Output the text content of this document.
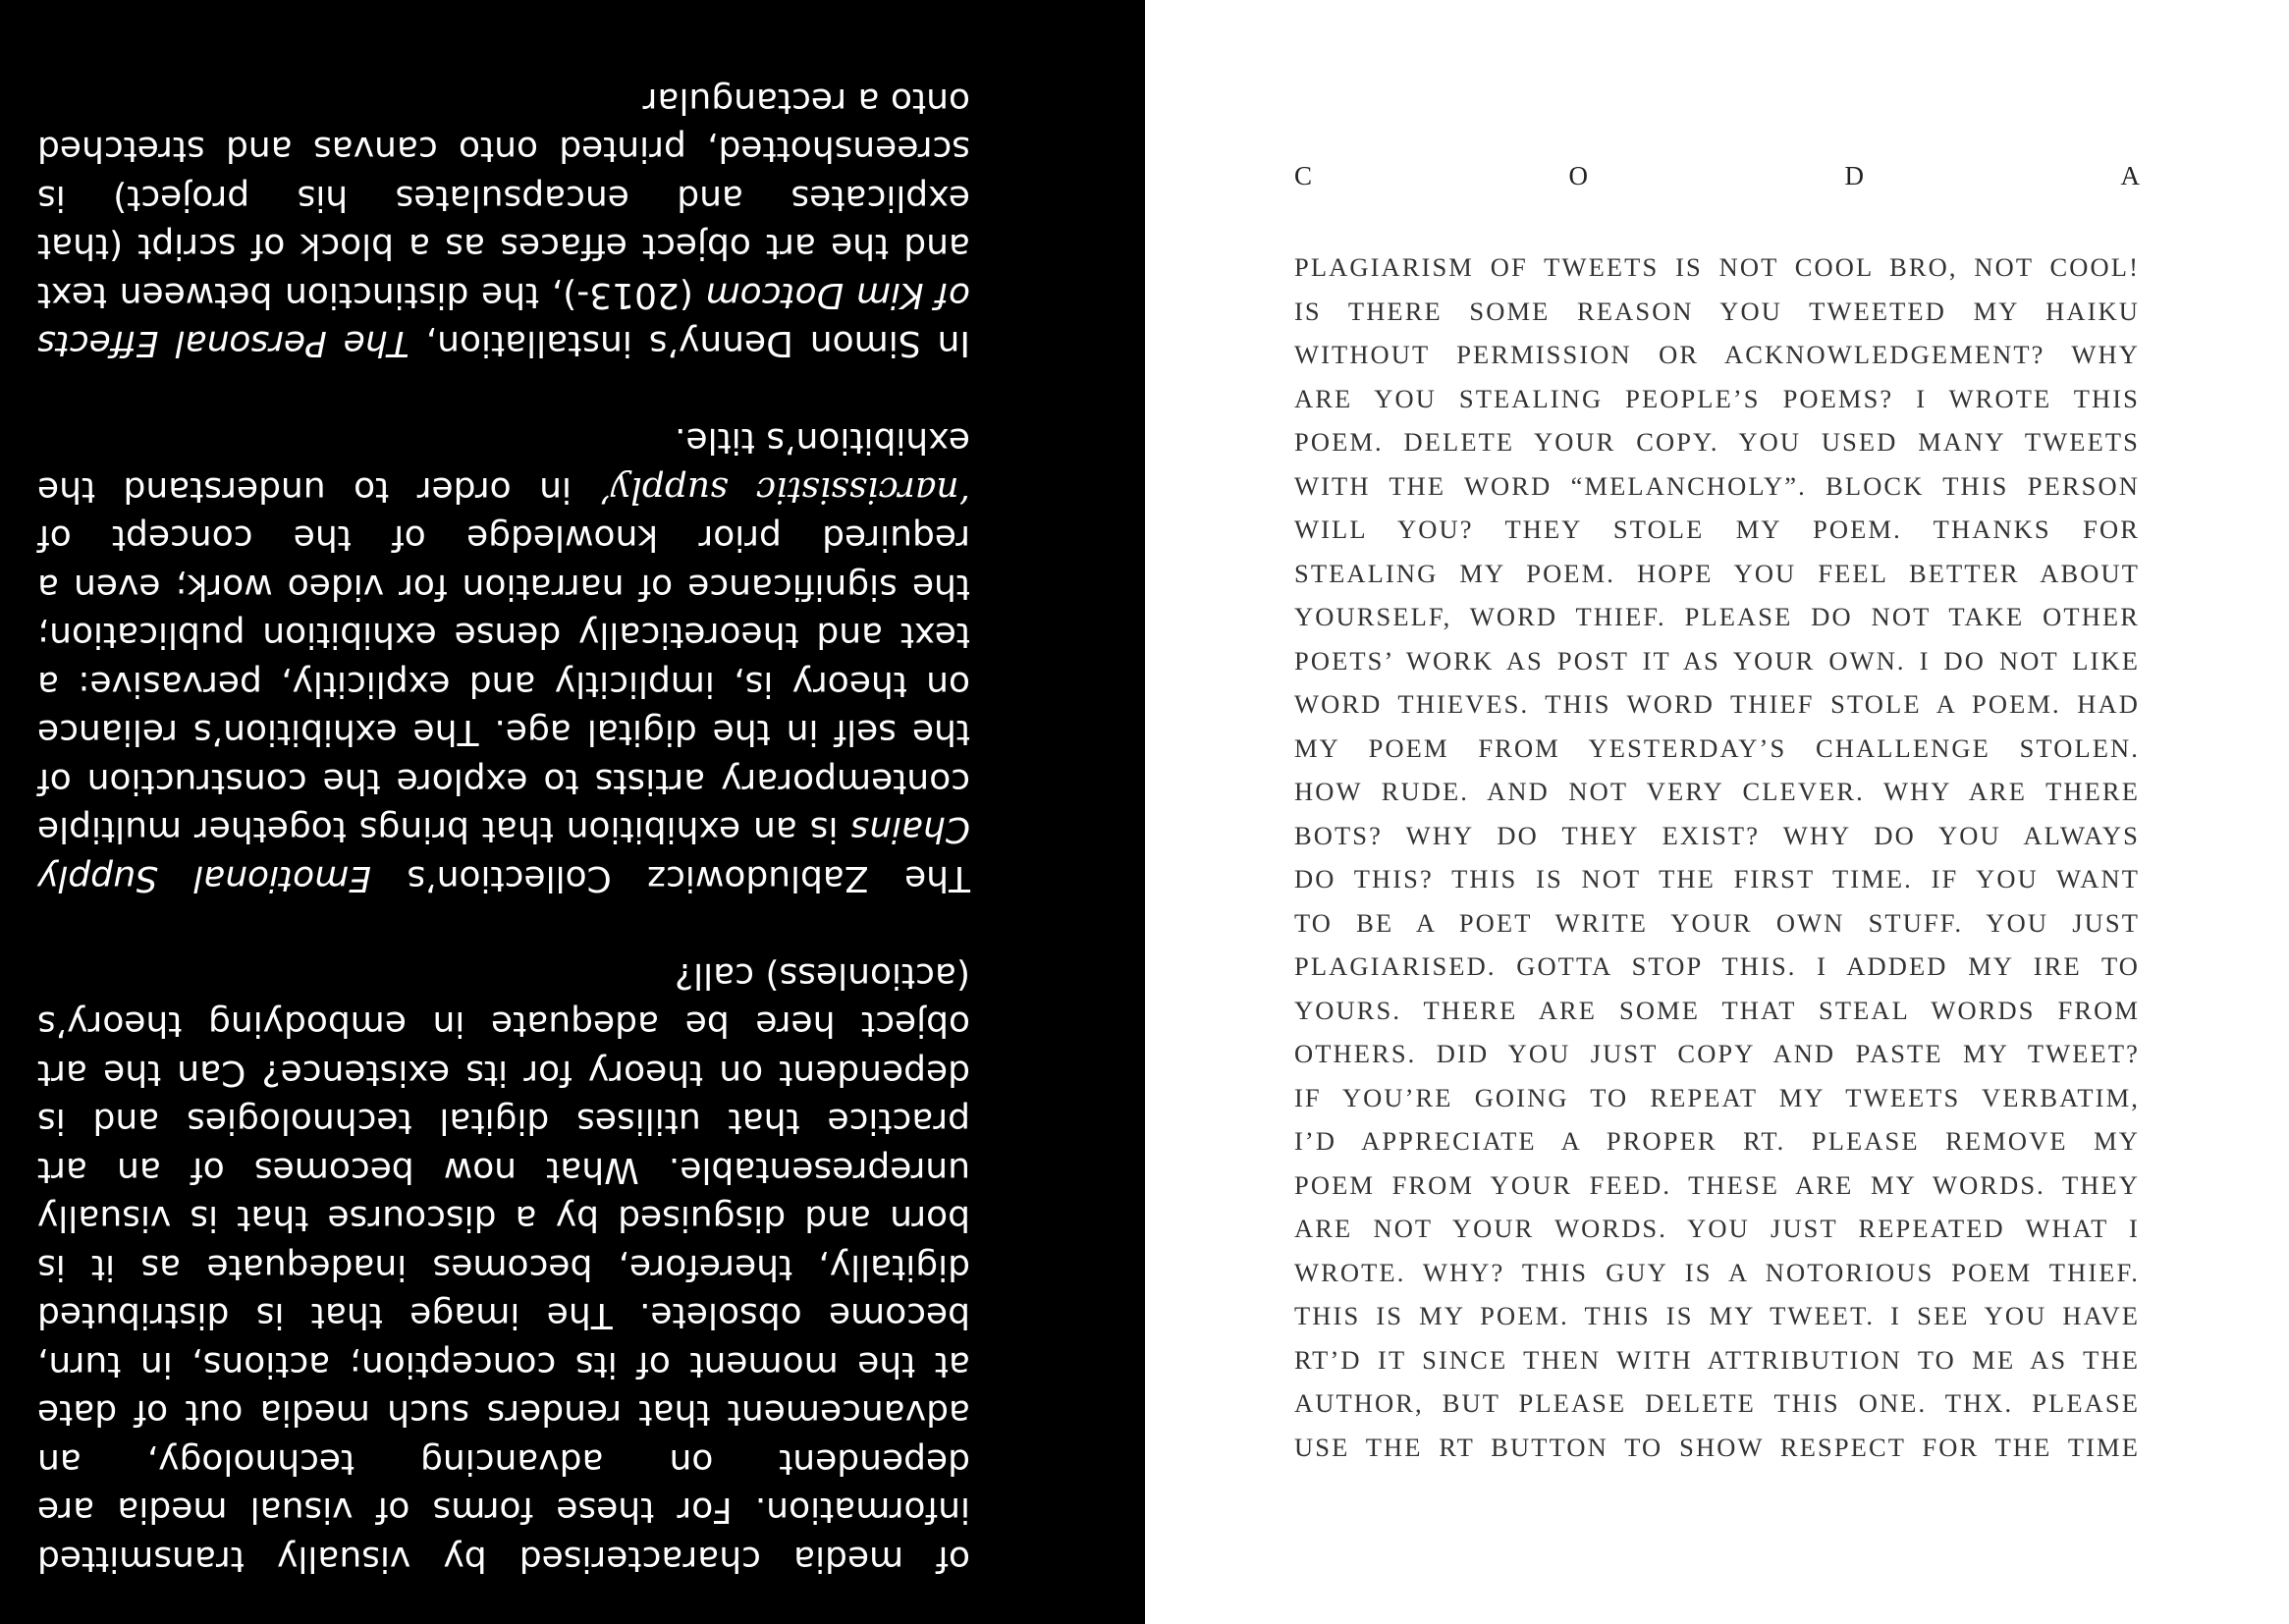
of media characterised by visually transmitted information. For these forms of visual media are dependent on advancing technology, an advancement that renders such media out of date at the moment of its conception; actions, in turn, become obsolete. The image that is distributed digitally, therefore, becomes inadequate as it is born and disguised by a discourse that is visually unrepresentable. What now becomes of an art practice that utilises digital technologies and is dependent on theory for its existence? Can the art object here be adequate in embodying theory’s (actionless) call?

The Zabludowicz Collection’s Emotional Supply Chains is an exhibition that brings together multiple contemporary artists to explore the construction of the self in the digital age. The exhibition’s reliance on theory is, implicitly and explicitly, pervasive: a text and theoretically dense exhibition publication; the significance of narration for video work; even a required prior knowledge of the concept of ‘narcissistic supply’ in order to understand the exhibition’s title.

In Simon Denny’s installation, The Personal Effects of Kim Dotcom (2013-), the distinction between text and the art object effaces as a block of script (that explicates and encapsulates his project) is screenshotted, printed onto canvas and stretched onto a rectangular

C	O	D	A
PLAGIARISM OF TWEETS IS NOT COOL BRO, NOT COOL!
IS THERE SOME REASON YOU TWEETED MY HAIKU
WITHOUT PERMISSION OR ACKNOWLEDGEMENT? WHY
ARE YOU STEALING PEOPLE’S POEMS? I WROTE THIS
POEM. DELETE YOUR COPY. YOU USED MANY TWEETS
WITH THE WORD “MELANCHOLY”. BLOCK THIS PERSON
WILL YOU? THEY STOLE MY POEM. THANKS FOR
STEALING MY POEM. HOPE YOU FEEL BETTER ABOUT
YOURSELF, WORD THIEF. PLEASE DO NOT TAKE OTHER
POETS’ WORK AS POST IT AS YOUR OWN. I DO NOT LIKE
WORD THIEVES. THIS WORD THIEF STOLE A POEM. HAD
MY POEM FROM YESTERDAY’S CHALLENGE STOLEN.
HOW RUDE. AND NOT VERY CLEVER. WHY ARE THERE
BOTS? WHY DO THEY EXIST? WHY DO YOU ALWAYS
DO THIS? THIS IS NOT THE FIRST TIME. IF YOU WANT
TO BE A POET WRITE YOUR OWN STUFF. YOU JUST
PLAGIARISED. GOTTA STOP THIS. I ADDED MY IRE TO
YOURS. THERE ARE SOME THAT STEAL WORDS FROM
OTHERS. DID YOU JUST COPY AND PASTE MY TWEET?
IF YOU’RE GOING TO REPEAT MY TWEETS VERBATIM,
I’D APPRECIATE A PROPER RT. PLEASE REMOVE MY
POEM FROM YOUR FEED. THESE ARE MY WORDS. THEY
ARE NOT YOUR WORDS. YOU JUST REPEATED WHAT I
WROTE. WHY? THIS GUY IS A NOTORIOUS POEM THIEF.
THIS IS MY POEM. THIS IS MY TWEET. I SEE YOU HAVE
RT’D IT SINCE THEN WITH ATTRIBUTION TO ME AS THE
AUTHOR, BUT PLEASE DELETE THIS ONE. THX. PLEASE
USE THE RT BUTTON TO SHOW RESPECT FOR THE TIME
